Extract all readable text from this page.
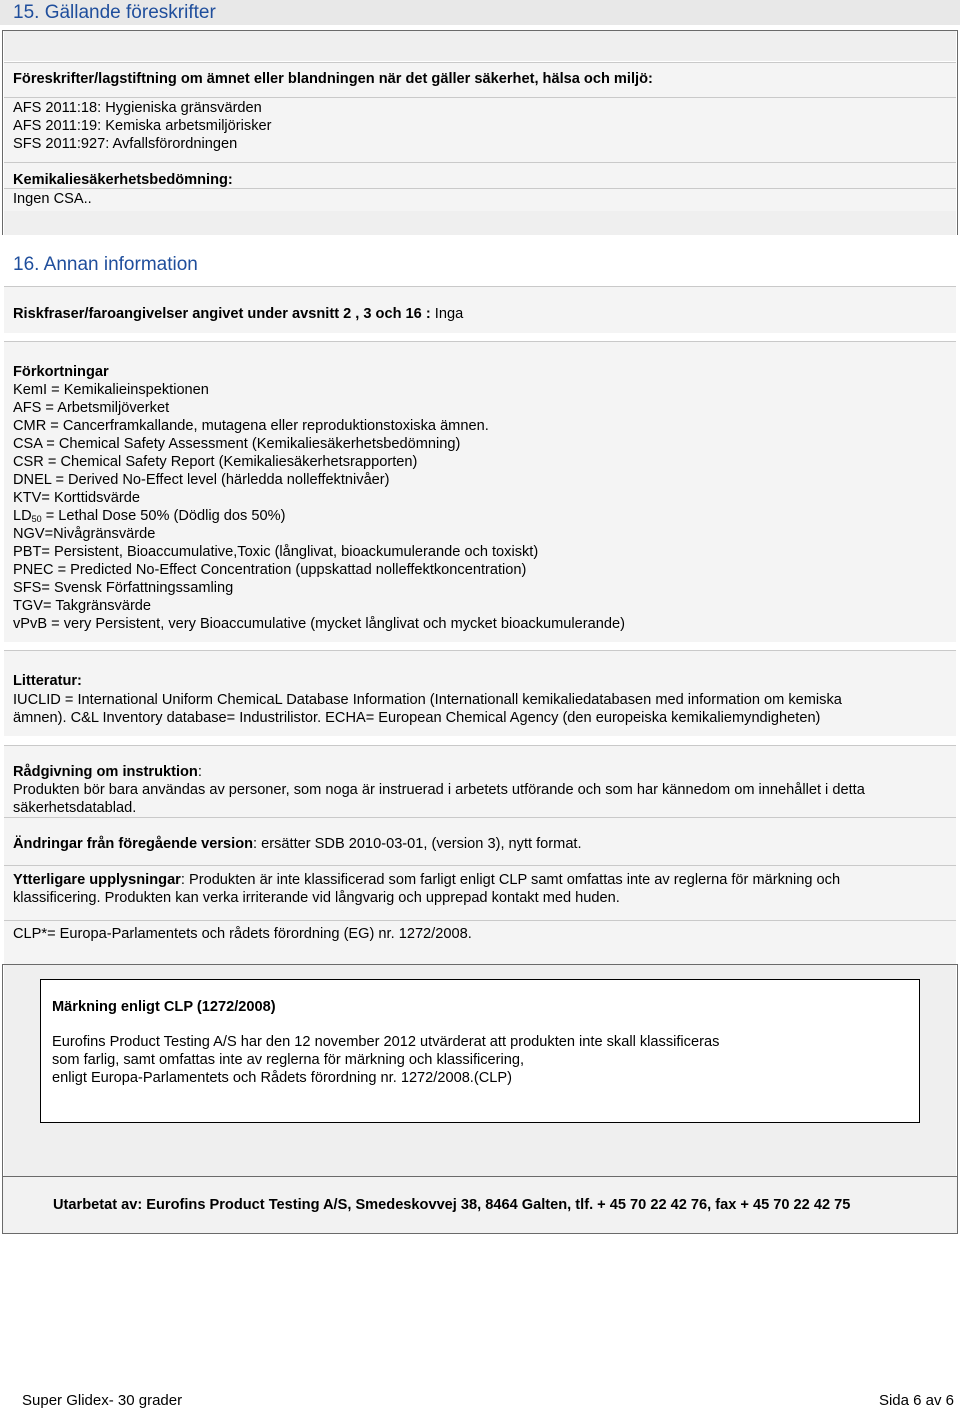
15. Gällande föreskrifter
Föreskrifter/lagstiftning om ämnet eller blandningen när det gäller säkerhet, hälsa och miljö:
AFS 2011:18: Hygieniska gränsvärden
AFS 2011:19: Kemiska arbetsmiljörisker
SFS 2011:927: Avfallsförordningen
Kemikaliesäkerhetsbedömning:
Ingen CSA..
16. Annan information
Riskfraser/faroangivelser angivet under avsnitt 2 , 3 och 16 : Inga
Förkortningar
KemI = Kemikalieinspektionen
AFS = Arbetsmiljöverket
CMR = Cancerframkallande, mutagena eller reproduktionstoxiska ämnen.
CSA = Chemical Safety Assessment (Kemikaliesäkerhetsbedömning)
CSR = Chemical Safety Report (Kemikaliesäkerhetsrapporten)
DNEL = Derived No-Effect level (härledda nolleffektnivåer)
KTV= Korttidsvärde
$LD_{50}$ = Lethal Dose 50% (Dödlig dos 50%)
NGV=Nivågränsvärde
PBT= Persistent, Bioaccumulative,Toxic (långlivat, bioackumulerande och toxiskt)
PNEC = Predicted No-Effect Concentration (uppskattad nolleffektkoncentration)
SFS= Svensk Författningssamling
TGV= Takgränsvärde
vPvB = very Persistent, very Bioaccumulative (mycket långlivat och mycket bioackumulerande)
Litteratur:
IUCLID = International Uniform ChemicaL Database Information (Internationall kemikaliedatabasen med information om kemiska
ämnen). C&L Inventory database= Industrilistor. ECHA= European Chemical Agency (den europeiska kemikaliemyndigheten)
Rådgivning om instruktion:
Produkten bör bara användas av personer, som noga är instruerad i arbetets utförande och som har kännedom om innehållet i detta
säkerhetsdatablad.
Ändringar från föregående version: ersätter SDB 2010-03-01, (version 3), nytt format.
Ytterligare upplysningar: Produkten är inte klassificerad som farligt enligt CLP samt omfattas inte av reglerna för märkning och
klassificering. Produkten kan verka irriterande vid långvarig och upprepad kontakt med huden.
CLP*= Europa-Parlamentets och rådets förordning (EG) nr. 1272/2008.
Märkning enligt CLP (1272/2008)
Eurofins Product Testing A/S har den 12 november 2012 utvärderat att produkten inte skall klassificeras
som farlig, samt omfattas inte av reglerna för märkning och klassificering,
enligt Europa-Parlamentets och Rådets förordning nr. 1272/2008.(CLP)
Utarbetat av: Eurofins Product Testing A/S, Smedeskovvej 38, 8464 Galten, tlf. + 45 70 22 42 76, fax + 45 70 22 42 75
Super Glidex- 30 grader	Sida 6 av 6
